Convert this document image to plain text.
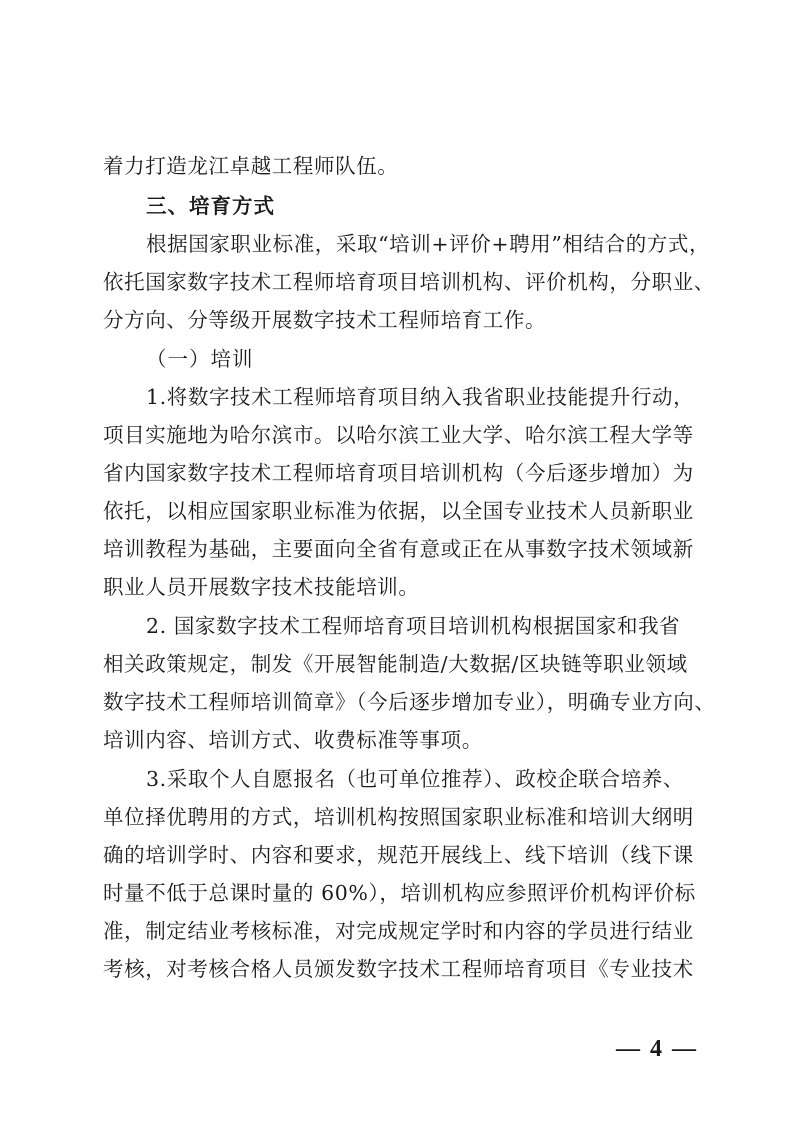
着力打造龙江卓越工程师队伍。
三、培育方式
根据国家职业标准，采取“培训+评价+聘用”相结合的方式，
依托国家数字技术工程师培育项目培训机构、评价机构，分职业、
分方向、分等级开展数字技术工程师培育工作。
（一）培训
1.将数字技术工程师培育项目纳入我省职业技能提升行动，
项目实施地为哈尔滨市。以哈尔滨工业大学、哈尔滨工程大学等
省内国家数字技术工程师培育项目培训机构（今后逐步增加）为
依托，以相应国家职业标准为依据，以全国专业技术人员新职业
培训教程为基础，主要面向全省有意或正在从事数字技术领域新
职业人员开展数字技术技能培训。
2. 国家数字技术工程师培育项目培训机构根据国家和我省
相关政策规定，制发《开展智能制造/大数据/区块链等职业领域
数字技术工程师培训简章》（今后逐步增加专业），明确专业方向、
培训内容、培训方式、收费标准等事项。
3.采取个人自愿报名（也可单位推荐）、政校企联合培养、
单位择优聘用的方式，培训机构按照国家职业标准和培训大纲明
确的培训学时、内容和要求，规范开展线上、线下培训（线下课
时量不低于总课时量的 60%），培训机构应参照评价机构评价标
准，制定结业考核标准，对完成规定学时和内容的学员进行结业
考核，对考核合格人员颁发数字技术工程师培育项目《专业技术
— 4 —
